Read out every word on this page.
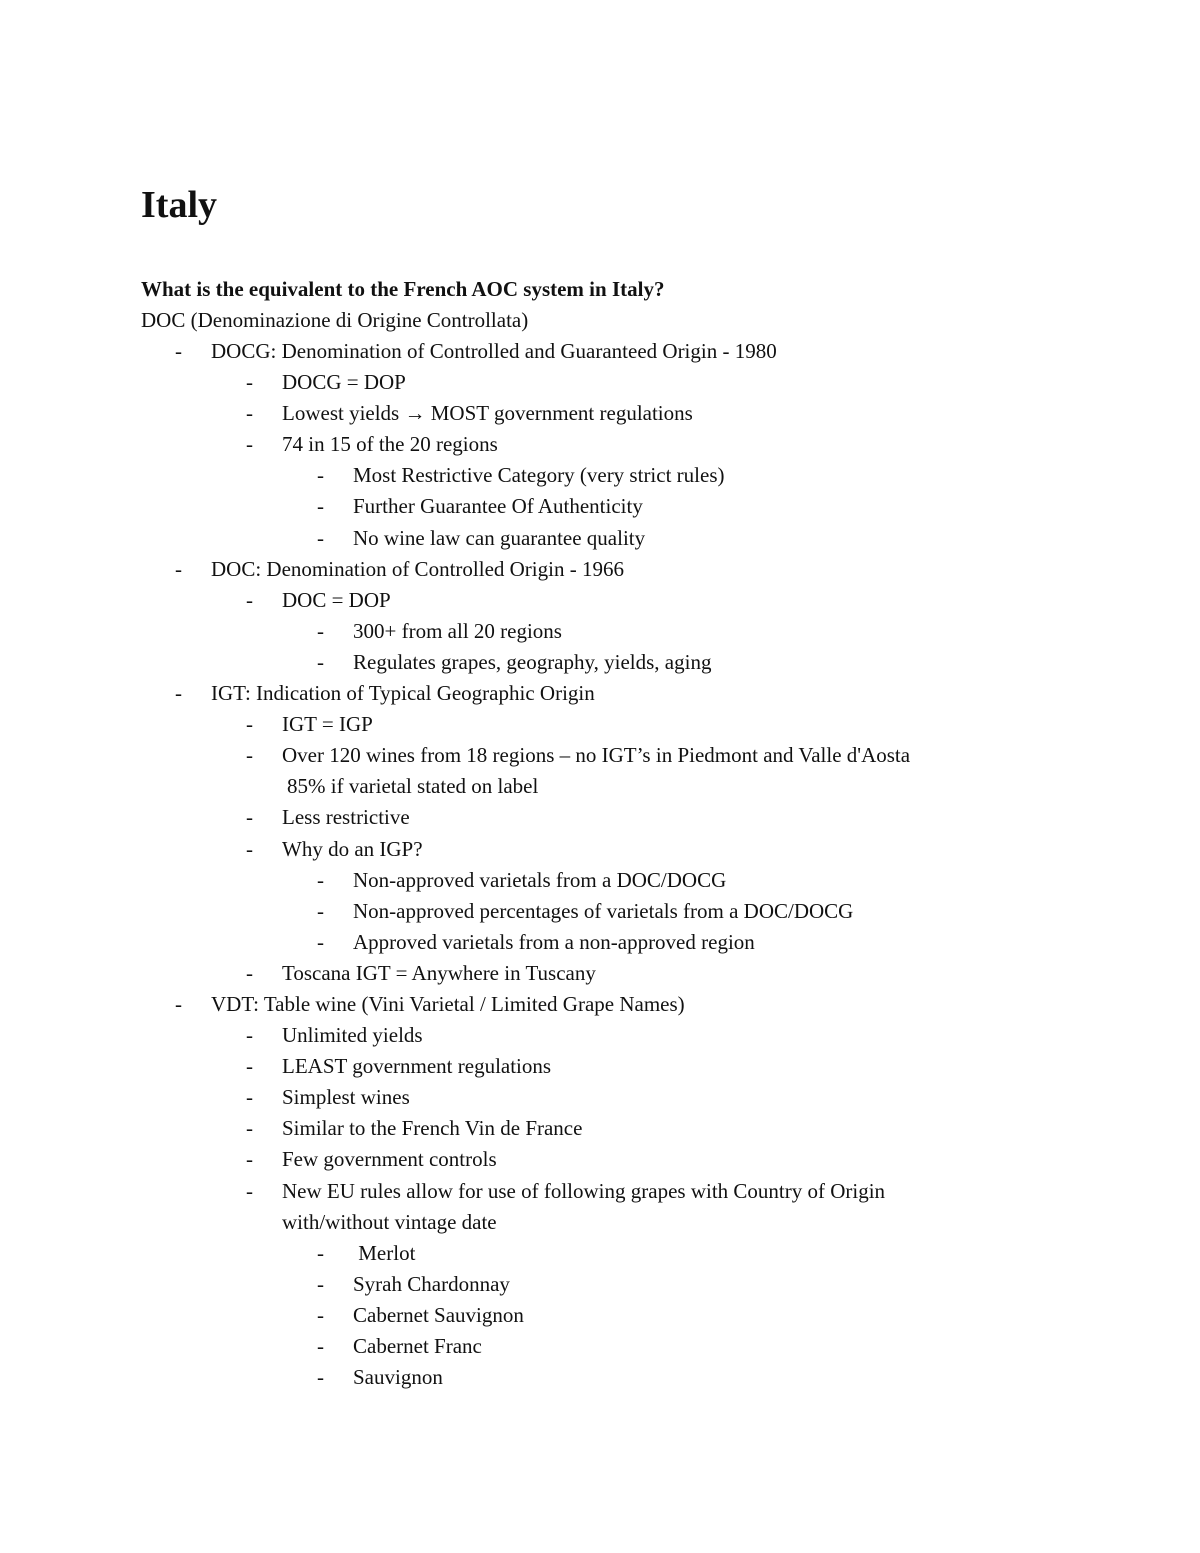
Italy

What is the equivalent to the French AOC system in Italy?

DOC (Denominazione di Origine Controllata)

- DOCG: Denomination of Controlled and Guaranteed Origin - 1980
- DOCG = DOP
- Lowest yields → MOST government regulations
- 74 in 15 of the 20 regions
- Most Restrictive Category (very strict rules)
- Further Guarantee Of Authenticity
- No wine law can guarantee quality
- DOC: Denomination of Controlled Origin - 1966
- DOC = DOP
- 300+ from all 20 regions
- Regulates grapes, geography, yields, aging
- IGT: Indication of Typical Geographic Origin
- IGT = IGP
- Over 120 wines from 18 regions – no IGT’s in Piedmont and Valle d'Aosta
85% if varietal stated on label
- Less restrictive
- Why do an IGP?
- Non-approved varietals from a DOC/DOCG
- Non-approved percentages of varietals from a DOC/DOCG
- Approved varietals from a non-approved region
- Toscana IGT = Anywhere in Tuscany
- VDT: Table wine (Vini Varietal / Limited Grape Names)
- Unlimited yields
- LEAST government regulations
- Simplest wines
- Similar to the French Vin de France
- Few government controls
- New EU rules allow for use of following grapes with Country of Origin
with/without vintage date
- Merlot
- Syrah Chardonnay
- Cabernet Sauvignon
- Cabernet Franc
- Sauvignon
